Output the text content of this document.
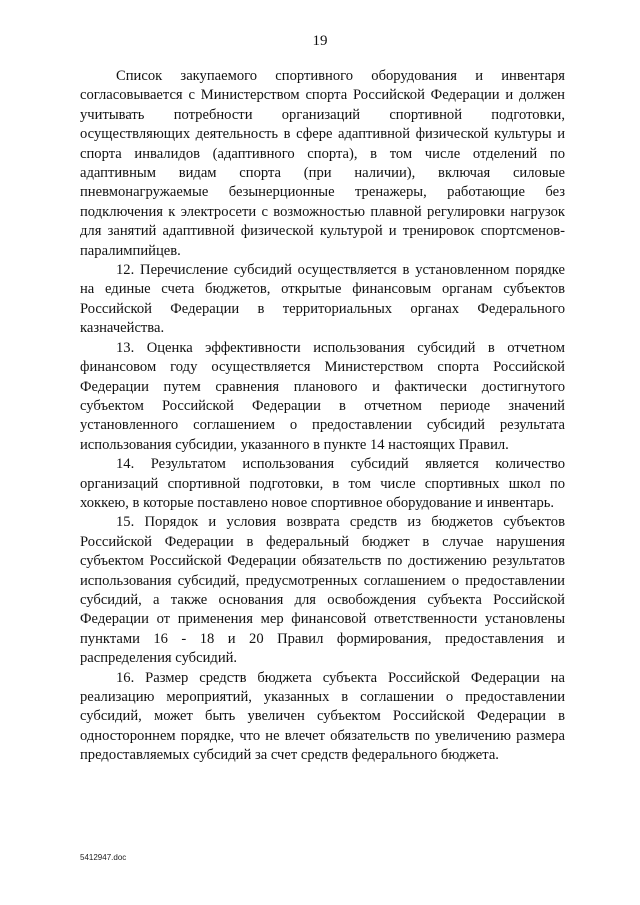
19

Список закупаемого спортивного оборудования и инвентаря согласовывается с Министерством спорта Российской Федерации и должен учитывать потребности организаций спортивной подготовки, осуществляющих деятельность в сфере адаптивной физической культуры и спорта инвалидов (адаптивного спорта), в том числе отделений по адаптивным видам спорта (при наличии), включая силовые пневмонагружаемые безынерционные тренажеры, работающие без подключения к электросети с возможностью плавной регулировки нагрузок для занятий адаптивной физической культурой и тренировок спортсменов-паралимпийцев.

12. Перечисление субсидий осуществляется в установленном порядке на единые счета бюджетов, открытые финансовым органам субъектов Российской Федерации в территориальных органах Федерального казначейства.

13. Оценка эффективности использования субсидий в отчетном финансовом году осуществляется Министерством спорта Российской Федерации путем сравнения планового и фактически достигнутого субъектом Российской Федерации в отчетном периоде значений установленного соглашением о предоставлении субсидий результата использования субсидии, указанного в пункте 14 настоящих Правил.

14. Результатом использования субсидий является количество организаций спортивной подготовки, в том числе спортивных школ по хоккею, в которые поставлено новое спортивное оборудование и инвентарь.

15. Порядок и условия возврата средств из бюджетов субъектов Российской Федерации в федеральный бюджет в случае нарушения субъектом Российской Федерации обязательств по достижению результатов использования субсидий, предусмотренных соглашением о предоставлении субсидий, а также основания для освобождения субъекта Российской Федерации от применения мер финансовой ответственности установлены пунктами 16 - 18 и 20 Правил формирования, предоставления и распределения субсидий.

16. Размер средств бюджета субъекта Российской Федерации на реализацию мероприятий, указанных в соглашении о предоставлении субсидий, может быть увеличен субъектом Российской Федерации в одностороннем порядке, что не влечет обязательств по увеличению размера предоставляемых субсидий за счет средств федерального бюджета.

5412947.doc
